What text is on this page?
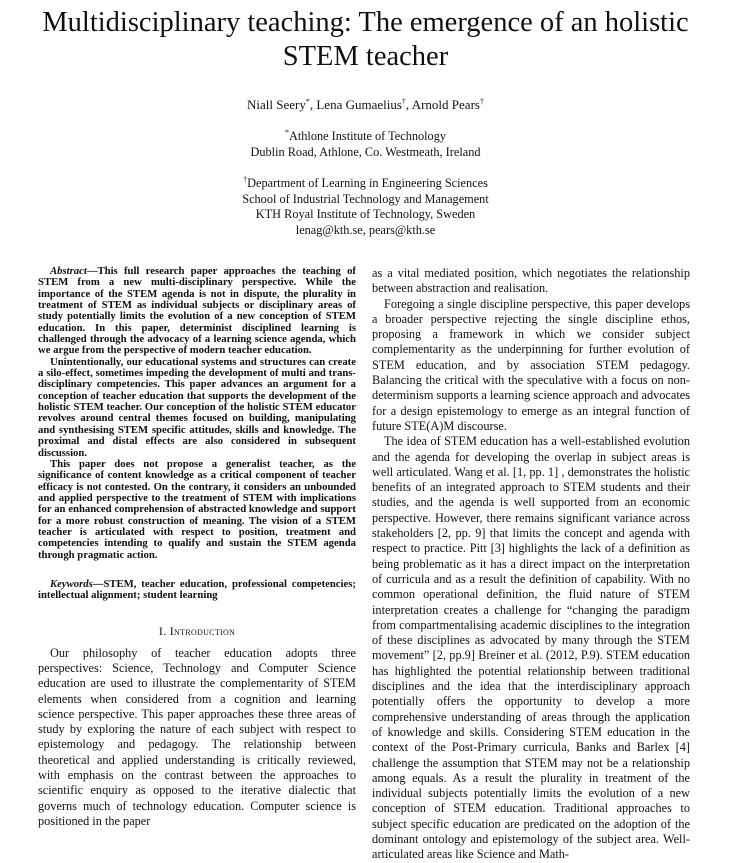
Multidisciplinary teaching: The emergence of an holistic STEM teacher

Niall Seery*, Lena Gumaelius†, Arnold Pears†

*Athlone Institute of Technology
Dublin Road, Athlone, Co. Westmeath, Ireland
†Department of Learning in Engineering Sciences
School of Industrial Technology and Management
KTH Royal Institute of Technology, Sweden
lenag@kth.se, pears@kth.se

Abstract—This full research paper approaches the teaching of STEM from a new multi-disciplinary perspective. While the importance of the STEM agenda is not in dispute, the plurality in treatment of STEM as individual subjects or disciplinary areas of study potentially limits the evolution of a new conception of STEM education. In this paper, determinist disciplined learning is challenged through the advocacy of a learning science agenda, which we argue from the perspective of modern teacher education.

Unintentionally, our educational systems and structures can create a silo-effect, sometimes impeding the development of multi and trans-disciplinary competencies. This paper advances an argument for a conception of teacher education that supports the development of the holistic STEM teacher. Our conception of the holistic STEM educator revolves around central themes focused on building, manipulating and synthesising STEM specific attitudes, skills and knowledge. The proximal and distal effects are also considered in subsequent discussion.

This paper does not propose a generalist teacher, as the significance of content knowledge as a critical component of teacher efficacy is not contested. On the contrary, it considers an unbounded and applied perspective to the treatment of STEM with implications for an enhanced comprehension of abstracted knowledge and support for a more robust construction of meaning. The vision of a STEM teacher is articulated with respect to position, treatment and competencies intending to qualify and sustain the STEM agenda through pragmatic action.

Keywords—STEM, teacher education, professional competencies; intellectual alignment; student learning

I. Introduction

Our philosophy of teacher education adopts three perspectives: Science, Technology and Computer Science education are used to illustrate the complementarity of STEM elements when considered from a cognition and learning science perspective. This paper approaches these three areas of study by exploring the nature of each subject with respect to epistemology and pedagogy. The relationship between theoretical and applied understanding is critically reviewed, with emphasis on the contrast between the approaches to scientific enquiry as opposed to the iterative dialectic that governs much of technology education. Computer science is positioned in the paper

as a vital mediated position, which negotiates the relationship between abstraction and realisation.

Foregoing a single discipline perspective, this paper develops a broader perspective rejecting the single discipline ethos, proposing a framework in which we consider subject complementarity as the underpinning for further evolution of STEM education, and by association STEM pedagogy. Balancing the critical with the speculative with a focus on non-determinism supports a learning science approach and advocates for a design epistemology to emerge as an integral function of future STE(A)M discourse.

The idea of STEM education has a well-established evolution and the agenda for developing the overlap in subject areas is well articulated. Wang et al. [1, pp. 1] , demonstrates the holistic benefits of an integrated approach to STEM students and their studies, and the agenda is well supported from an economic perspective. However, there remains significant variance across stakeholders [2, pp. 9] that limits the concept and agenda with respect to practice. Pitt [3] highlights the lack of a definition as being problematic as it has a direct impact on the interpretation of curricula and as a result the definition of capability. With no common operational definition, the fluid nature of STEM interpretation creates a challenge for “changing the paradigm from compartmentalising academic disciplines to the integration of these disciplines as advocated by many through the STEM movement” [2, pp.9] Breiner et al. (2012, P.9). STEM education has highlighted the potential relationship between traditional disciplines and the idea that the interdisciplinary approach potentially offers the opportunity to develop a more comprehensive understanding of areas through the application of knowledge and skills. Considering STEM education in the context of the Post-Primary curricula, Banks and Barlex [4] challenge the assumption that STEM may not be a relationship among equals. As a result the plurality in treatment of the individual subjects potentially limits the evolution of a new conception of STEM education. Traditional approaches to subject specific education are predicated on the adoption of the dominant ontology and epistemology of the subject area. Well-articulated areas like Science and Math-
